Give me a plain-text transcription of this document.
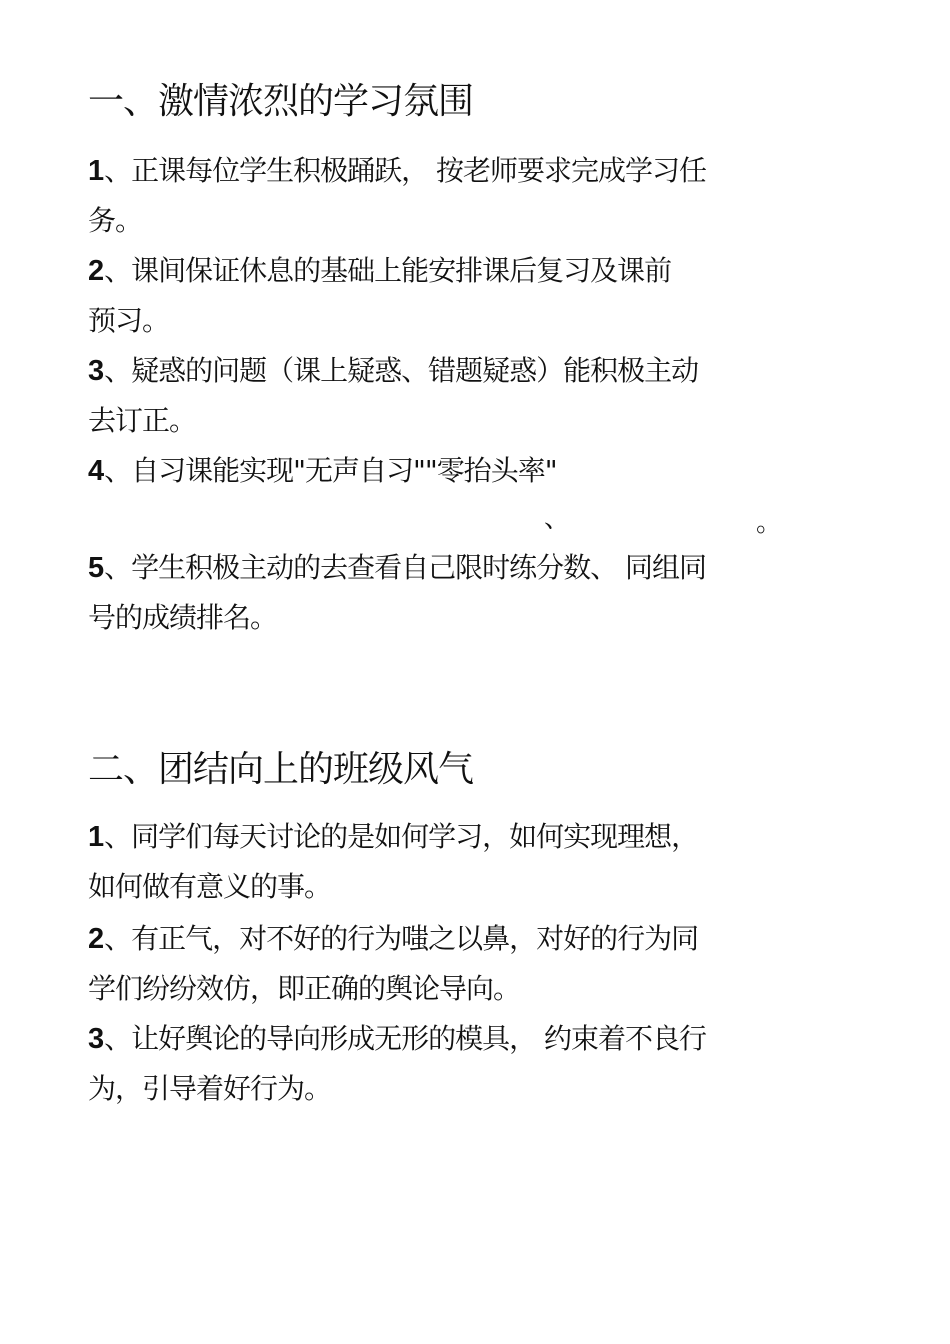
一、激情浓烈的学习氛围

1、正课每位学生积极踊跃， 按老师要求完成学习任
务。

2、课间保证休息的基础上能安排课后复习及课前
预习。

3、疑惑的问题（课上疑惑、错题疑惑）能积极主动
去订正。

4、自习课能实现"无声自习""零抬头率"

、	。

5、学生积极主动的去查看自己限时练分数、 同组同
号的成绩排名。

二、团结向上的班级风气

1、同学们每天讨论的是如何学习，如何实现理想，
如何做有意义的事。

2、有正气，对不好的行为嗤之以鼻，对好的行为同
学们纷纷效仿，即正确的舆论导向。

3、让好舆论的导向形成无形的模具， 约束着不良行
为，引导着好行为。
